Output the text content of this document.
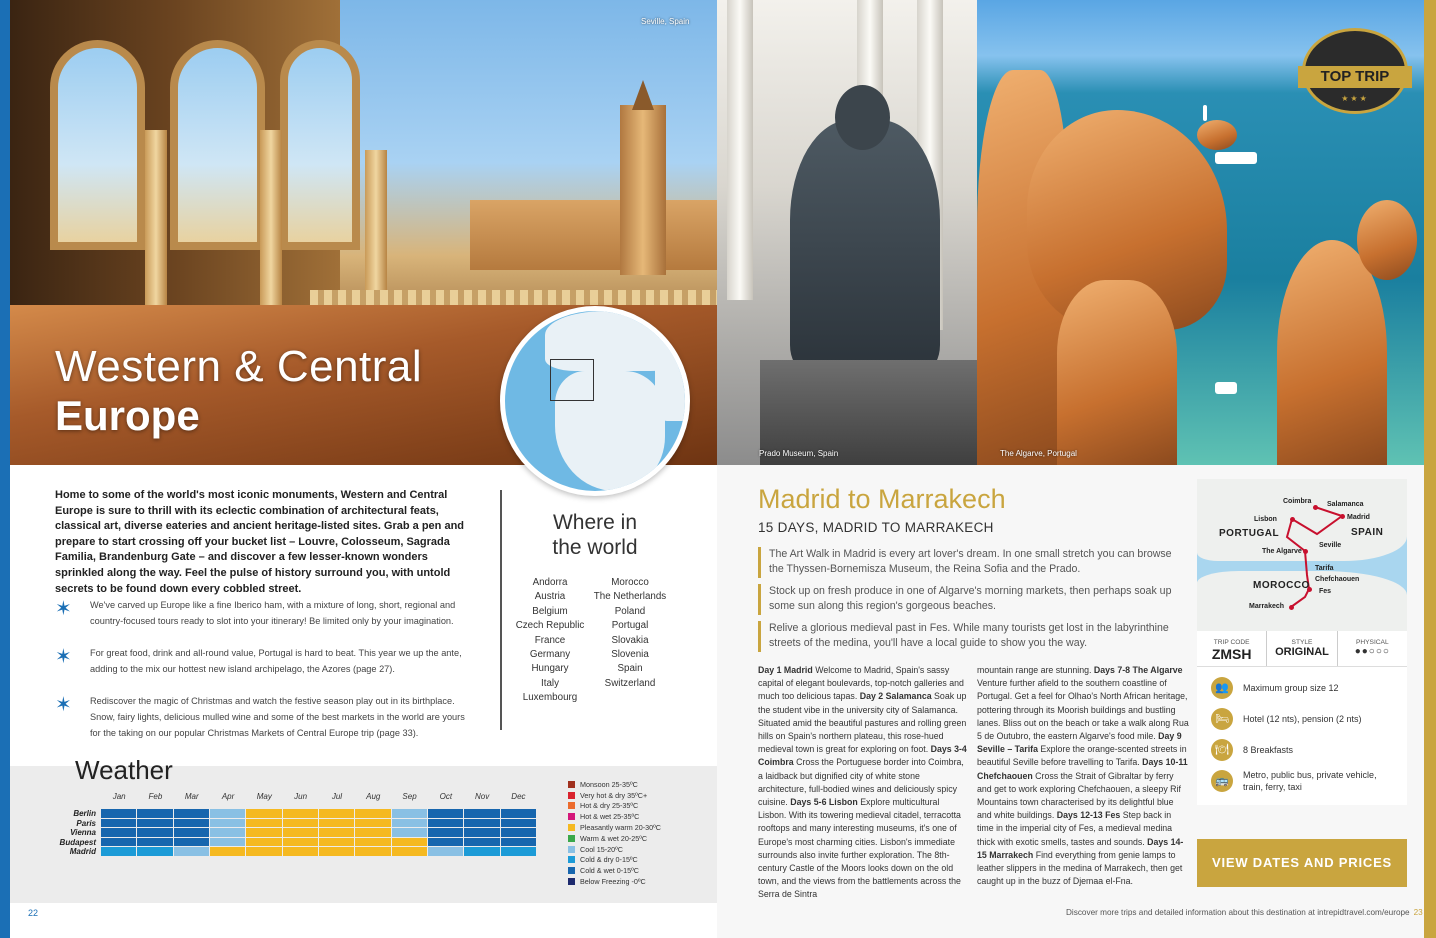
Seville, Spain
Western & Central
Europe
Home to some of the world's most iconic monuments, Western and Central Europe is sure to thrill with its eclectic combination of architectural feats, classical art, diverse eateries and ancient heritage-listed sites. Grab a pen and prepare to start crossing off your bucket list – Louvre, Colosseum, Sagrada Familia, Brandenburg Gate – and discover a few lesser-known wonders sprinkled along the way. Feel the pulse of history surround you, with untold secrets to be found down every cobbled street.
✶ We've carved up Europe like a fine Iberico ham, with a mixture of long, short, regional and country-focused tours ready to slot into your itinerary! Be limited only by your imagination.
✶ For great food, drink and all-round value, Portugal is hard to beat. This year we up the ante, adding to the mix our hottest new island archipelago, the Azores (page 27).
✶ Rediscover the magic of Christmas and watch the festive season play out in its birthplace. Snow, fairy lights, delicious mulled wine and some of the best markets in the world are yours for the taking on our popular Christmas Markets of Central Europe trip (page 33).
Where in
the world
Andorra
Austria
Belgium
Czech Republic
France
Germany
Hungary
Italy
Luxembourg
Morocco
The Netherlands
Poland
Portugal
Slovakia
Slovenia
Spain
Switzerland
Weather
Jan	Feb	Mar	Apr	May	Jun	Jul	Aug	Sep	Oct	Nov	Dec
Berlin
Paris
Vienna
Budapest
Madrid
Monsoon 25-35ºC
Very hot & dry 35ºC+
Hot & dry 25-35ºC
Hot & wet 25-35ºC
Pleasantly warm 20-30ºC
Warm & wet 20-25ºC
Cool 15-20ºC
Cold & dry 0-15ºC
Cold & wet 0-15ºC
Below Freezing -0ºC
22
Prado Museum, Spain	The Algarve, Portugal
TOP TRIP
★★★
Madrid to Marrakech
15 DAYS, MADRID TO MARRAKECH
The Art Walk in Madrid is every art lover's dream. In one small stretch you can browse the Thyssen-Bornemisza Museum, the Reina Sofia and the Prado.
Stock up on fresh produce in one of Algarve's morning markets, then perhaps soak up some sun along this region's gorgeous beaches.
Relive a glorious medieval past in Fes. While many tourists get lost in the labyrinthine streets of the medina, you'll have a local guide to show you the way.
Day 1 Madrid Welcome to Madrid, Spain's sassy capital of elegant boulevards, top-notch galleries and much too delicious tapas. Day 2 Salamanca Soak up the student vibe in the university city of Salamanca. Situated amid the beautiful pastures and rolling green hills on Spain's northern plateau, this rose-hued medieval town is great for exploring on foot. Days 3-4 Coimbra Cross the Portuguese border into Coimbra, a laidback but dignified city of white stone architecture, full-bodied wines and deliciously spicy cuisine. Days 5-6 Lisbon Explore multicultural Lisbon. With its towering medieval citadel, terracotta rooftops and many interesting museums, it's one of Europe's most charming cities. Lisbon's immediate surrounds also invite further exploration. The 8th-century Castle of the Moors looks down on the old town, and the views from the battlements across the Serra de Sintra
mountain range are stunning. Days 7-8 The Algarve Venture further afield to the southern coastline of Portugal. Get a feel for Olhao's North African heritage, pottering through its Moorish buildings and bustling lanes. Bliss out on the beach or take a walk along Rua 5 de Outubro, the eastern Algarve's food mile. Day 9 Seville – Tarifa Explore the orange-scented streets in beautiful Seville before travelling to Tarifa. Days 10-11 Chefchaouen Cross the Strait of Gibraltar by ferry and get to work exploring Chefchaouen, a sleepy Rif Mountains town characterised by its delightful blue and white buildings. Days 12-13 Fes Step back in time in the imperial city of Fes, a medieval medina thick with exotic smells, tastes and sounds. Days 14-15 Marrakech Find everything from genie lamps to leather slippers in the medina of Marrakech, then get caught up in the buzz of Djemaa el-Fna.
Coimbra Salamanca
Madrid
Lisbon
The Algarve
Seville
Tarifa
Chefchaouen
Fes
Marrakech
PORTUGAL	SPAIN
MOROCCO
TRIP CODE
ZMSH
STYLE
ORIGINAL
PHYSICAL
●●○○○
👥	Maximum group size 12
🛏	Hotel (12 nts), pension (2 nts)
🍽	8 Breakfasts
🚌	Metro, public bus, private vehicle, train, ferry, taxi
VIEW DATES AND PRICES
Discover more trips and detailed information about this destination at intrepidtravel.com/europe 23
